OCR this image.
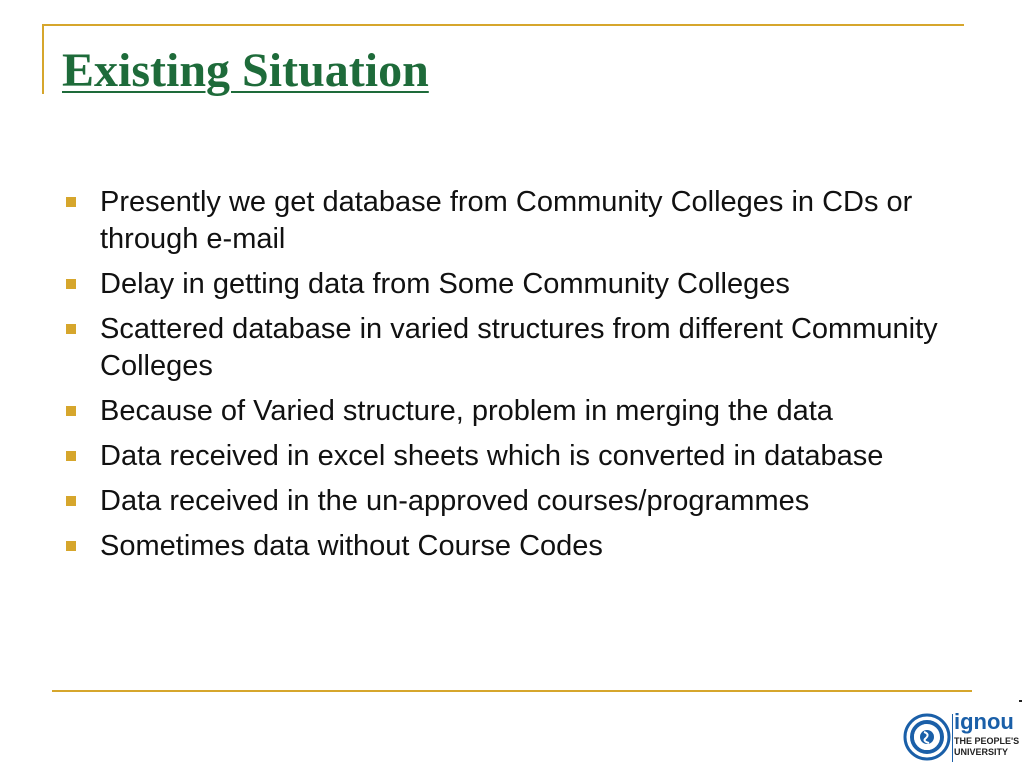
Existing Situation
Presently we get database from Community Colleges in CDs or through e-mail
Delay in getting data from Some Community Colleges
Scattered database in varied structures from different Community Colleges
Because of Varied structure, problem in merging the data
Data received in excel sheets which is converted in database
Data received in the un-approved courses/programmes
Sometimes data without Course Codes
ignou
THE PEOPLE'S
UNIVERSITY
